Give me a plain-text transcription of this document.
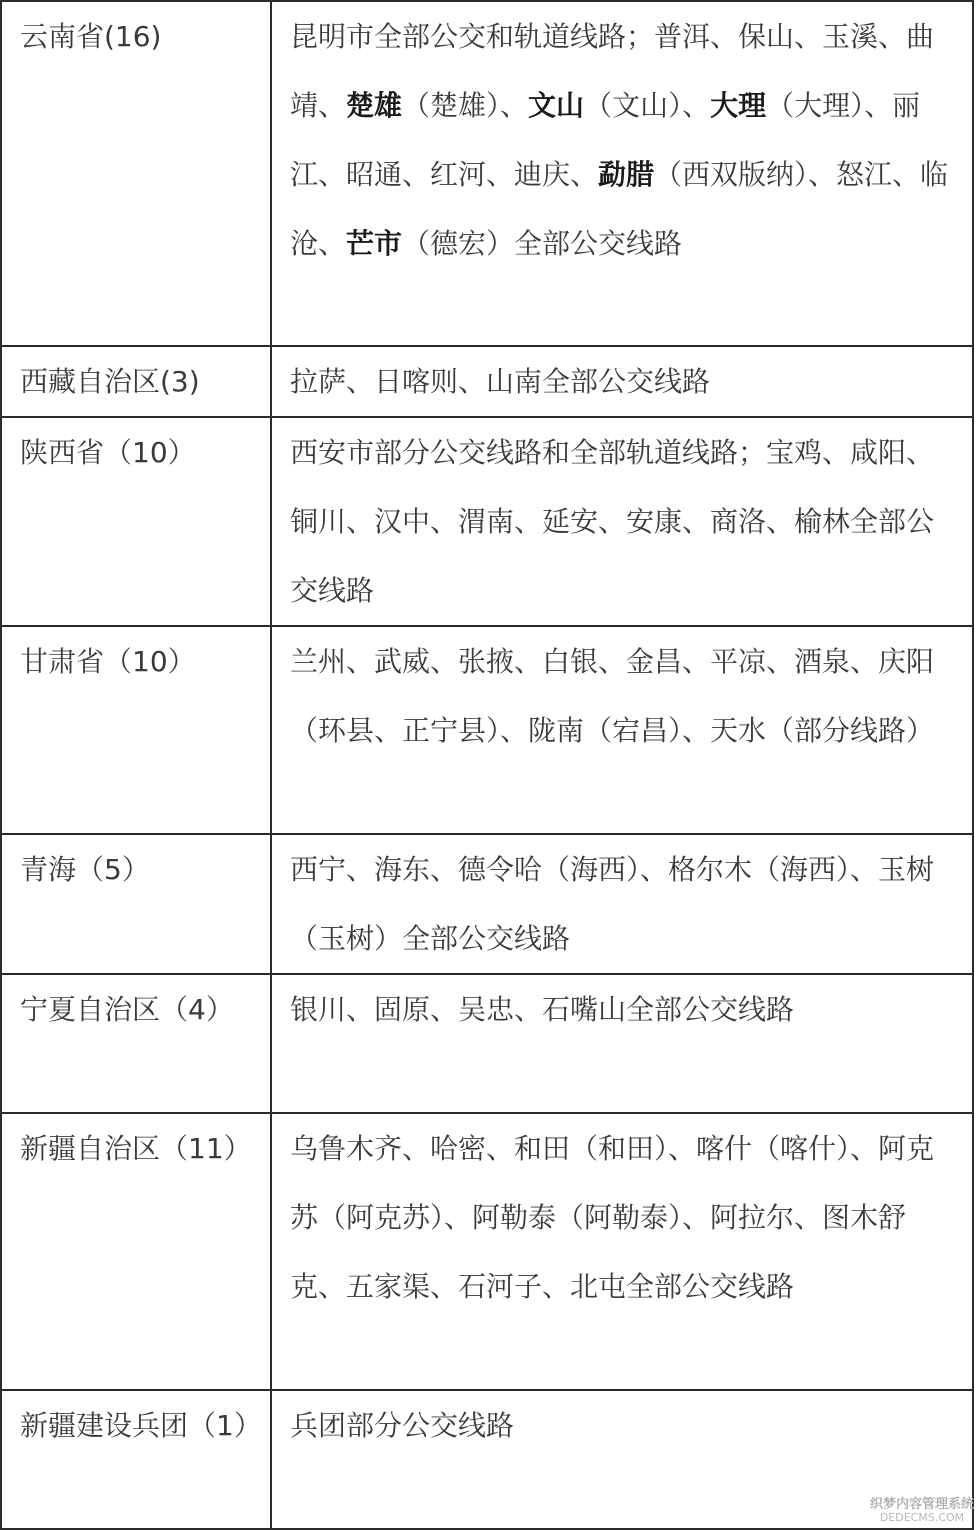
云南省(16)	昆明市全部公交和轨道线路；普洱、保山、玉溪、曲靖、楚雄（楚雄）、文山（文山）、大理（大理）、丽江、昭通、红河、迪庆、勐腊（西双版纳）、怒江、临沧、芒市（德宏）全部公交线路
西藏自治区(3)	拉萨、日喀则、山南全部公交线路
陕西省（10）	西安市部分公交线路和全部轨道线路；宝鸡、咸阳、铜川、汉中、渭南、延安、安康、商洛、榆林全部公交线路
甘肃省（10）	兰州、武威、张掖、白银、金昌、平凉、酒泉、庆阳（环县、正宁县）、陇南（宕昌）、天水（部分线路）
青海（5）	西宁、海东、德令哈（海西）、格尔木（海西）、玉树（玉树）全部公交线路
宁夏自治区（4）	银川、固原、吴忠、石嘴山全部公交线路
新疆自治区（11）	乌鲁木齐、哈密、和田（和田）、喀什（喀什）、阿克苏（阿克苏）、阿勒泰（阿勒泰）、阿拉尔、图木舒克、五家渠、石河子、北屯全部公交线路
新疆建设兵团（1）	兵团部分公交线路
织梦内容管理系统
DEDECMS.COM
